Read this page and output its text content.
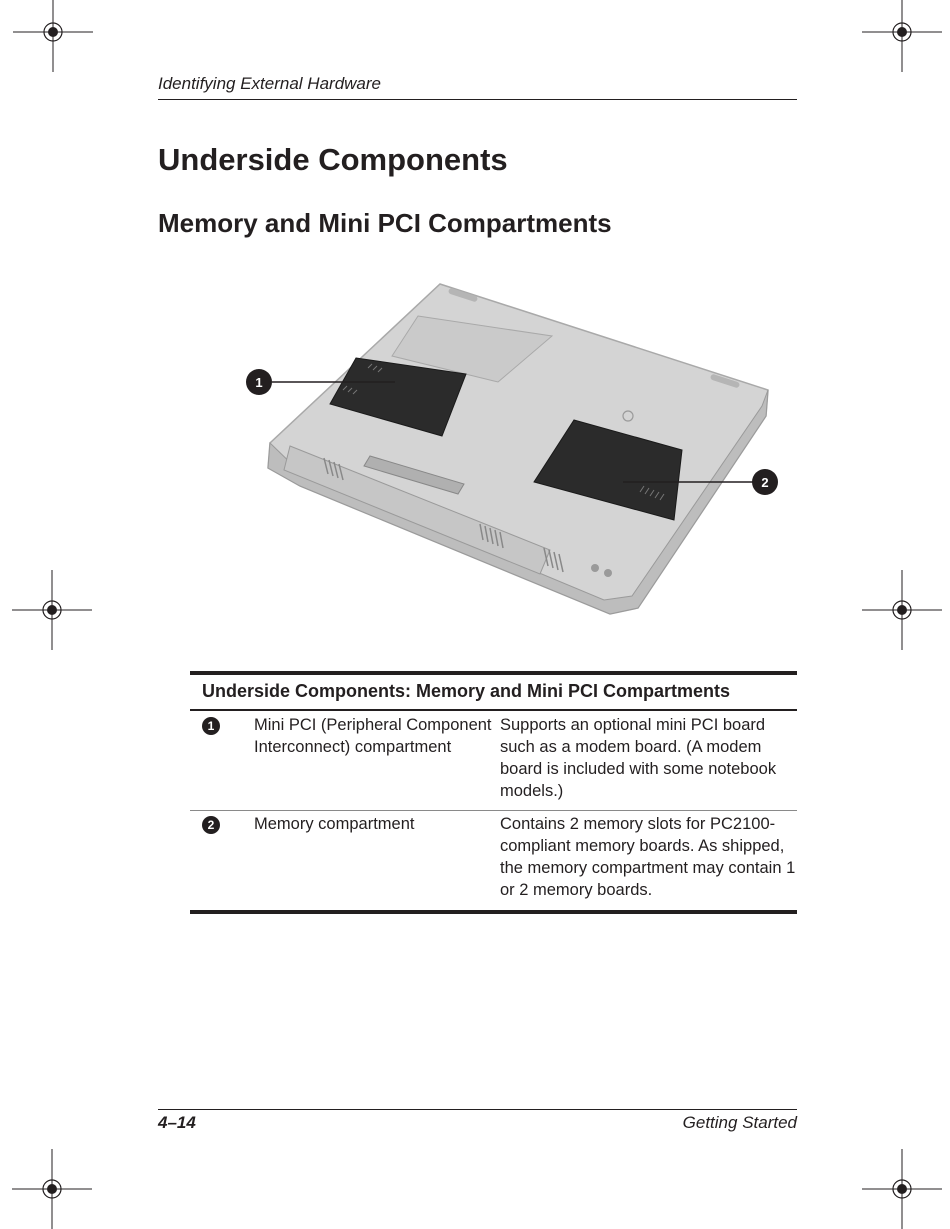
Identifying External Hardware
Underside Components
Memory and Mini PCI Compartments
1
2
Underside Components: Memory and Mini PCI Compartments		
1	Mini PCI (Peripheral Component Interconnect) compartment	Supports an optional mini PCI board such as a modem board. (A modem board is included with some notebook models.)
2	Memory compartment	Contains 2 memory slots for PC2100-compliant memory boards. As shipped, the memory compartment may contain 1 or 2 memory boards.
4–14	Getting Started
